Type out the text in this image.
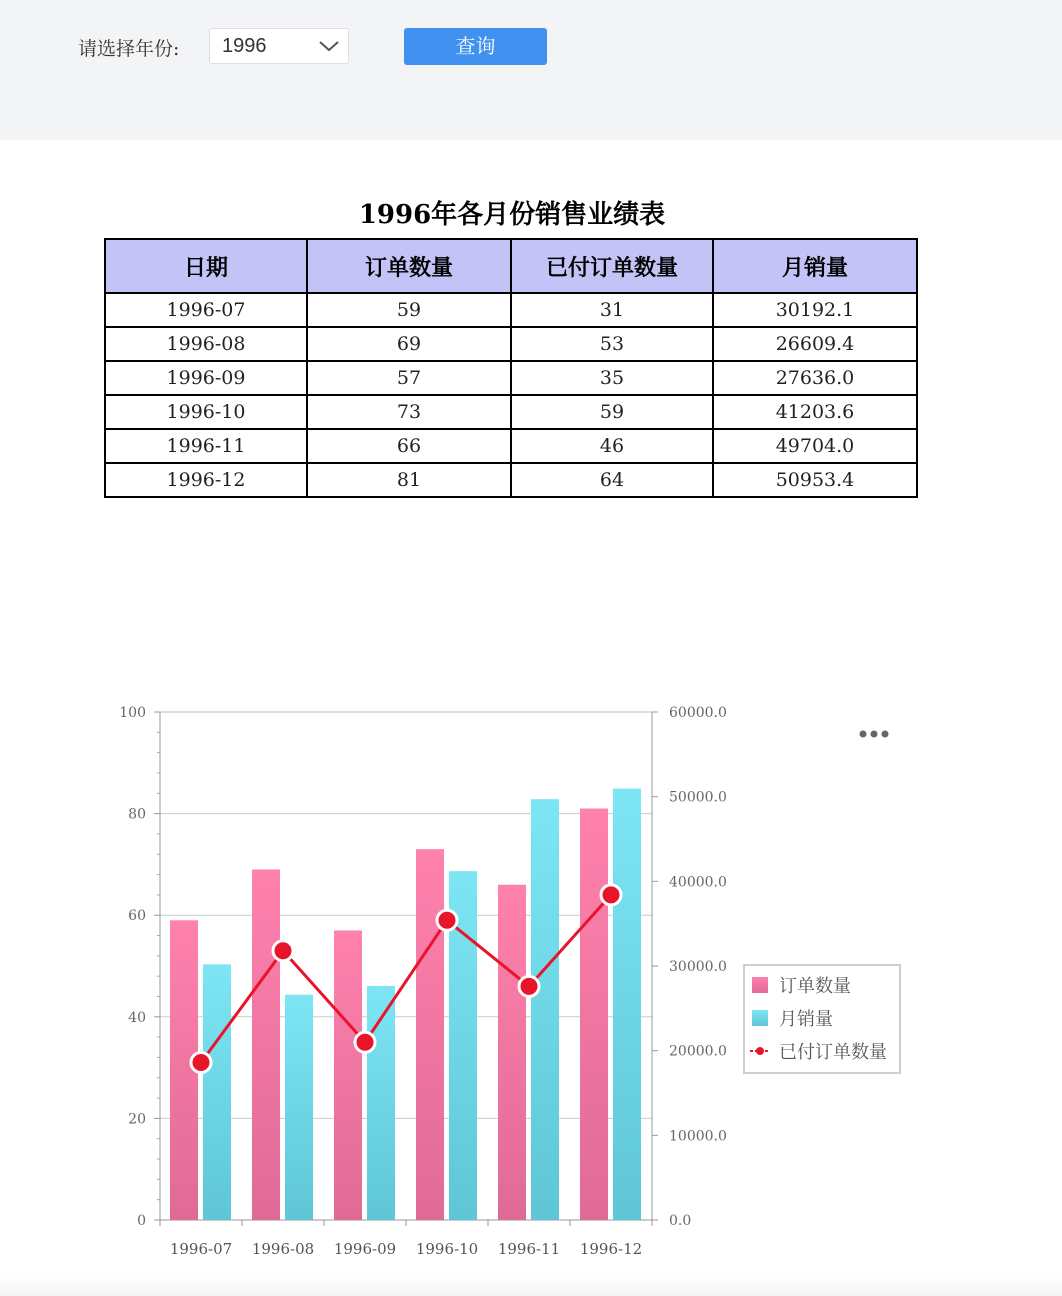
请选择年份: 1996	查询
1996年各月份销售业绩表
日期	订单数量	已付订单数量	月销量
1996-07	59	31	30192.1
1996-08	69	53	26609.4
1996-09	57	35	27636.0
1996-10	73	59	41203.6
1996-11	66	46	49704.0
1996-12	81	64	50953.4
0
20
40
60
80
100
0.0
10000.0
20000.0
30000.0
40000.0
50000.0
60000.0
1996-07 1996-08 1996-09 1996-10 1996-11 1996-12
订单数量
月销量
已付订单数量
